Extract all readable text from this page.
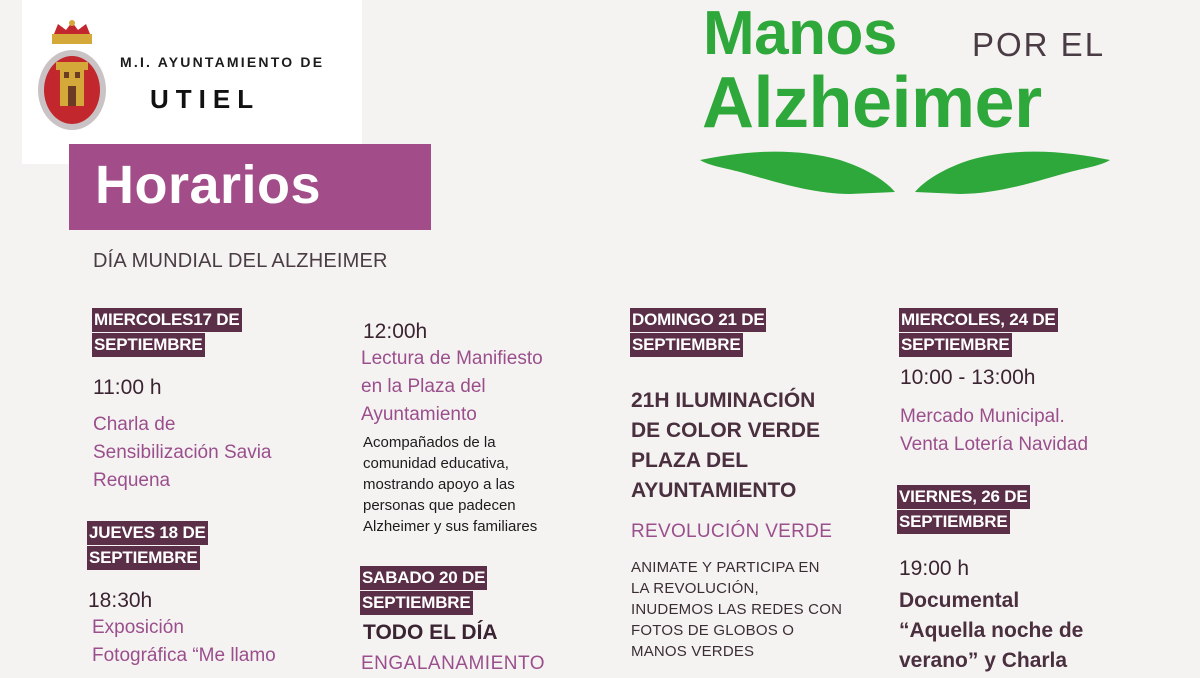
M.I. AYUNTAMIENTO DE
UTIEL
Horarios
DÍA MUNDIAL DEL ALZHEIMER
Manos POR EL
Alzheimer
MIERCOLES17 DE
SEPTIEMBRE
11:00 h
Charla de
Sensibilización Savia
Requena
JUEVES 18 DE
SEPTIEMBRE
18:30h
Exposición
Fotográfica “Me llamo
12:00h
Lectura de Manifiesto
en la Plaza del
Ayuntamiento
Acompañados de la
comunidad educativa,
mostrando apoyo a las
personas que padecen
Alzheimer y sus familiares
SABADO 20 DE
SEPTIEMBRE
TODO EL DÍA
ENGALANAMIENTO
DOMINGO 21 DE
SEPTIEMBRE
21H ILUMINACIÓN
DE COLOR VERDE
PLAZA DEL
AYUNTAMIENTO
REVOLUCIÓN VERDE
ANIMATE Y PARTICIPA EN
LA REVOLUCIÓN,
INUDEMOS LAS REDES CON
FOTOS DE GLOBOS O
MANOS VERDES
MIERCOLES, 24 DE
SEPTIEMBRE
10:00 - 13:00h
Mercado Municipal.
Venta Lotería Navidad
VIERNES, 26 DE
SEPTIEMBRE
19:00 h
Documental
“Aquella noche de
verano” y Charla
